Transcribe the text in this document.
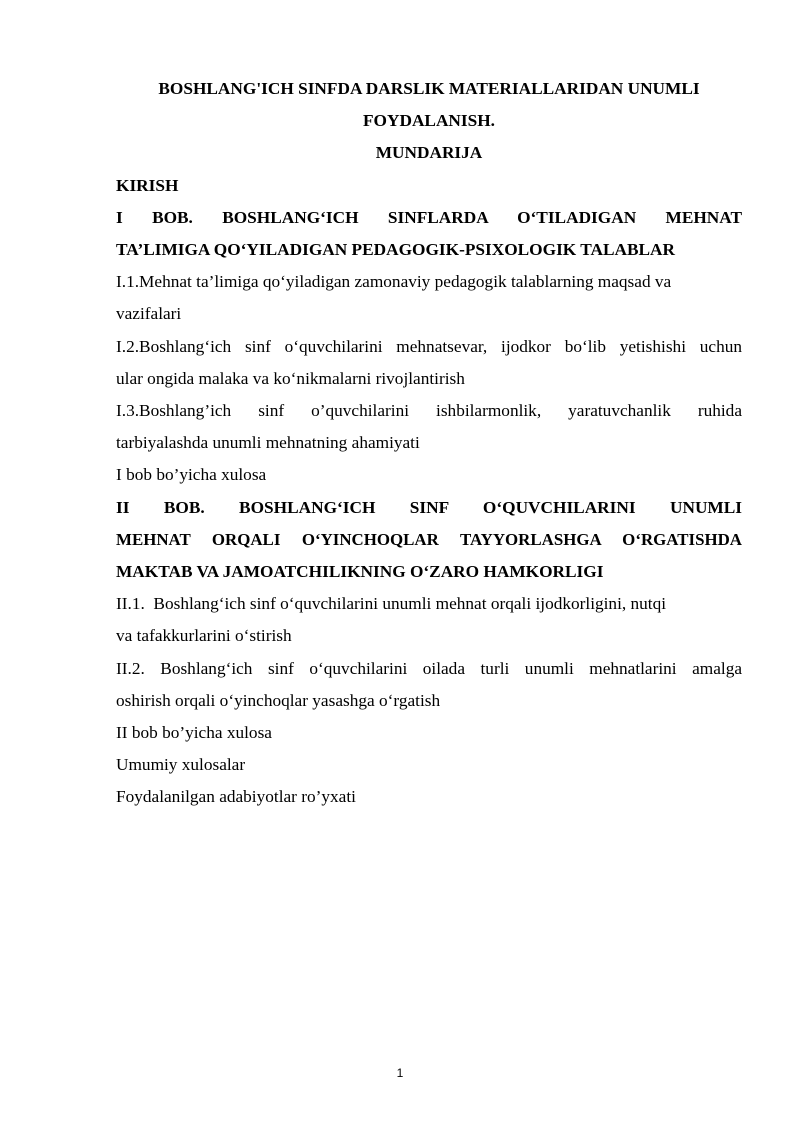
BOSHLANG'ICH SINFDA DARSLIK MATERIALLARIDAN UNUMLI

FOYDALANISH.

MUNDARIJA

KIRISH

I BOB. BOSHLANG‘ICH SINFLARDA O‘TILADIGAN MEHNAT

TA’LIMIGA QO‘YILADIGAN PEDAGOGIK-PSIXOLOGIK TALABLAR

I.1.Mehnat ta’limiga qo‘yiladigan zamonaviy pedagogik talablarning maqsad va

vazifalari

I.2.Boshlang‘ich sinf o‘quvchilarini mehnatsevar, ijodkor bo‘lib yetishishi uchun

ular ongida malaka va ko‘nikmalarni rivojlantirish

I.3.Boshlang’ich sinf o’quvchilarini ishbilarmonlik, yaratuvchanlik ruhida

tarbiyalashda unumli mehnatning ahamiyati

I bob bo’yicha xulosa

II BOB. BOSHLANG‘ICH SINF O‘QUVCHILARINI UNUMLI

MEHNAT ORQALI O‘YINCHOQLAR TAYYORLASHGA O‘RGATISHDA

MAKTAB VA JAMOATCHILIKNING O‘ZARO HAMKORLIGI

II.1.  Boshlang‘ich sinf o‘quvchilarini unumli mehnat orqali ijodkorligini, nutqi

va tafakkurlarini o‘stirish

II.2. Boshlang‘ich sinf o‘quvchilarini oilada turli unumli mehnatlarini amalga

oshirish orqali o‘yinchoqlar yasashga o‘rgatish

II bob bo’yicha xulosa

Umumiy xulosalar

Foydalanilgan adabiyotlar ro’yxati

1
